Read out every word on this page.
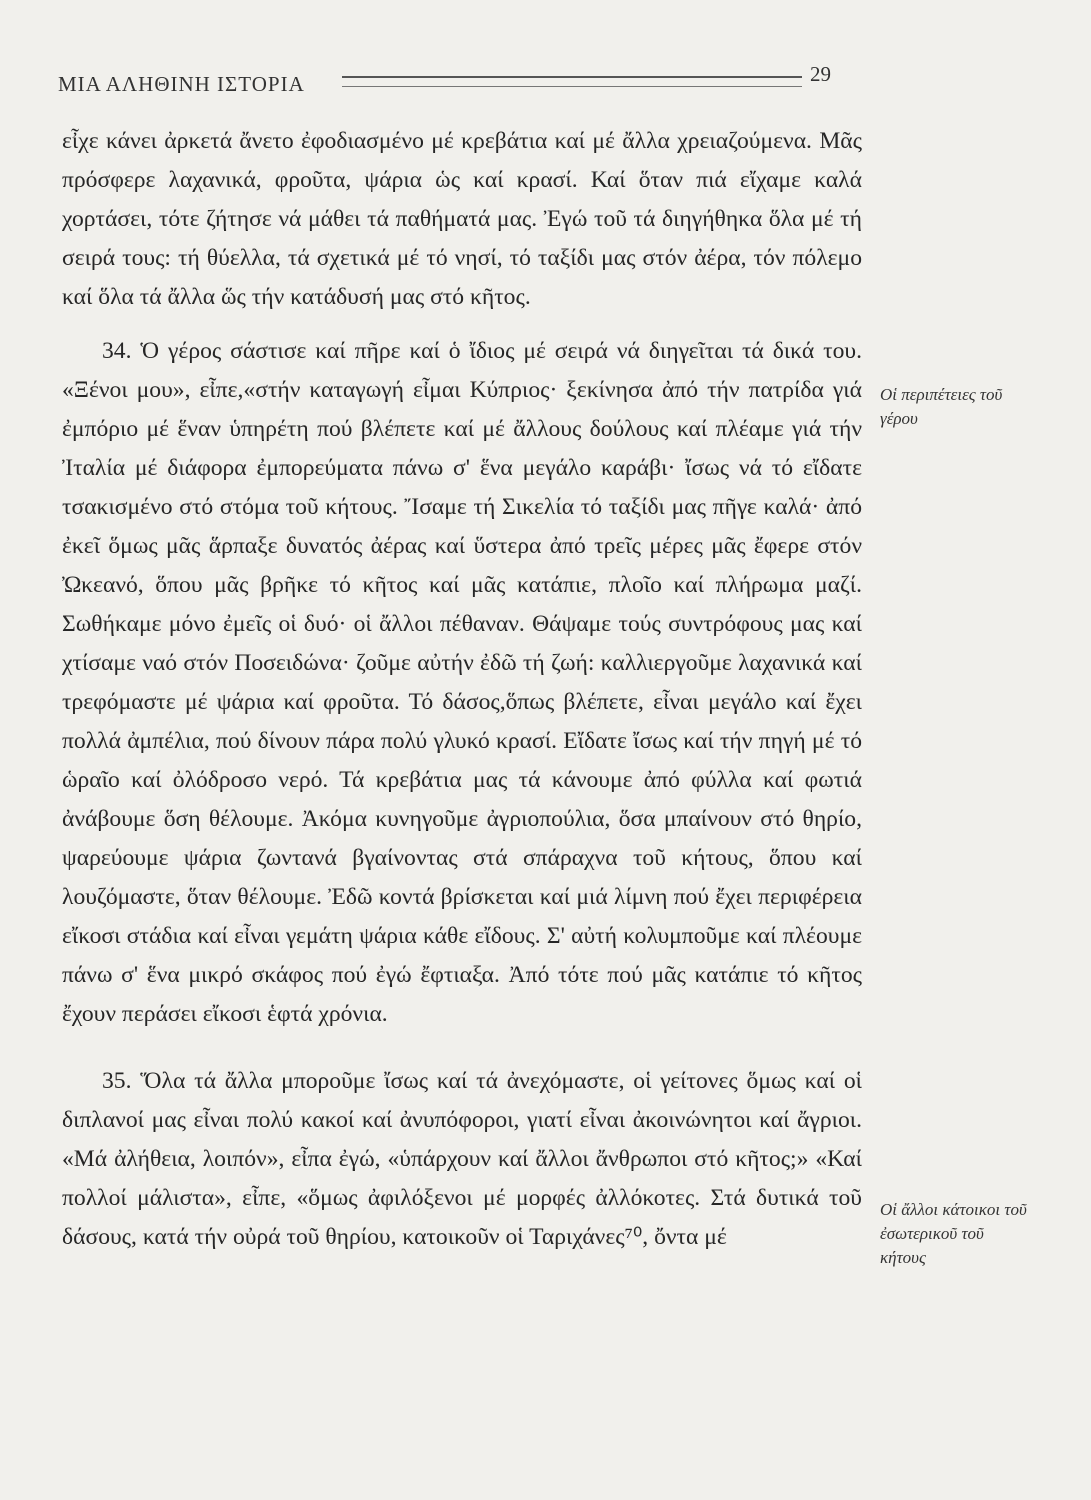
ΜΙΑ ΑΛΗΘΙΝΗ ΙΣΤΟΡΙΑ	29

εἶχε κάνει ἀρκετά ἄνετο ἐφοδιασμένο μέ κρεβάτια καί μέ ἄλλα χρειαζούμενα. Μᾶς πρόσφερε λαχανικά, φροῦτα, ψάρια ὡς καί κρασί. Καί ὅταν πιά εἴχαμε καλά χορτάσει, τότε ζήτησε νά μάθει τά παθήματά μας. Ἐγώ τοῦ τά διηγήθηκα ὅλα μέ τή σειρά τους: τή θύελλα, τά σχετικά μέ τό νησί, τό ταξίδι μας στόν ἀέρα, τόν πόλεμο καί ὅλα τά ἄλλα ὥς τήν κατάδυσή μας στό κῆτος.

34. Ὁ γέρος σάστισε καί πῆρε καί ὁ ἴδιος μέ σειρά νά διηγεῖται τά δικά του. «Ξένοι μου», εἶπε,«στήν καταγωγή εἶμαι Κύπριος· ξεκίνησα ἀπό τήν πατρίδα γιά ἐμπόριο μέ ἕναν ὑπηρέτη πού βλέπετε καί μέ ἄλλους δούλους καί πλέαμε γιά τήν Ἰταλία μέ διάφορα ἐμπορεύματα πάνω σ' ἕνα μεγάλο καράβι· ἴσως νά τό εἴδατε τσακισμένο στό στόμα τοῦ κήτους. Ἴσαμε τή Σικελία τό ταξίδι μας πῆγε καλά· ἀπό ἐκεῖ ὅμως μᾶς ἅρπαξε δυνατός ἀέρας καί ὕστερα ἀπό τρεῖς μέρες μᾶς ἔφερε στόν Ὠκεανό, ὅπου μᾶς βρῆκε τό κῆτος καί μᾶς κατάπιε, πλοῖο καί πλήρωμα μαζί. Σωθήκαμε μόνο ἐμεῖς οἱ δυό· οἱ ἄλλοι πέθαναν. Θάψαμε τούς συντρόφους μας καί χτίσαμε ναό στόν Ποσειδώνα· ζοῦμε αὐτήν ἐδῶ τή ζωή: καλλιεργοῦμε λαχανικά καί τρεφόμαστε μέ ψάρια καί φροῦτα. Τό δάσος,ὅπως βλέπετε, εἶναι μεγάλο καί ἔχει πολλά ἀμπέλια, πού δίνουν πάρα πολύ γλυκό κρασί. Εἴδατε ἴσως καί τήν πηγή μέ τό ὡραῖο καί ὀλόδροσο νερό. Τά κρεβάτια μας τά κάνουμε ἀπό φύλλα καί φωτιά ἀνάβουμε ὅση θέλουμε. Ἀκόμα κυνηγοῦμε ἀγριοπούλια, ὅσα μπαίνουν στό θηρίο, ψαρεύουμε ψάρια ζωντανά βγαίνοντας στά σπάραχνα τοῦ κήτους, ὅπου καί λουζόμαστε, ὅταν θέλουμε. Ἐδῶ κοντά βρίσκεται καί μιά λίμνη πού ἔχει περιφέρεια εἴκοσι στάδια καί εἶναι γεμάτη ψάρια κάθε εἴδους. Σ' αὐτή κολυμποῦμε καί πλέουμε πάνω σ' ἕνα μικρό σκάφος πού ἐγώ ἔφτιαξα. Ἀπό τότε πού μᾶς κατάπιε τό κῆτος ἔχουν περάσει εἴκοσι ἑφτά χρόνια.

35. Ὅλα τά ἄλλα μποροῦμε ἴσως καί τά ἀνεχόμαστε, οἱ γείτονες ὅμως καί οἱ διπλανοί μας εἶναι πολύ κακοί καί ἀνυπόφοροι, γιατί εἶναι ἀκοινώνητοι καί ἄγριοι. «Μά ἀλήθεια, λοιπόν», εἶπα ἐγώ, «ὑπάρχουν καί ἄλλοι ἄνθρωποι στό κῆτος;» «Καί πολλοί μάλιστα», εἶπε, «ὅμως ἀφιλόξενοι μέ μορφές ἀλλόκοτες. Στά δυτικά τοῦ δάσους, κατά τήν οὐρά τοῦ θηρίου, κατοικοῦν οἱ Ταριχάνες⁷⁰, ὄντα μέ

Οἱ περιπέτειες τοῦ γέρου
Οἱ ἄλλοι κάτοικοι τοῦ ἐσωτερικοῦ τοῦ κήτους
